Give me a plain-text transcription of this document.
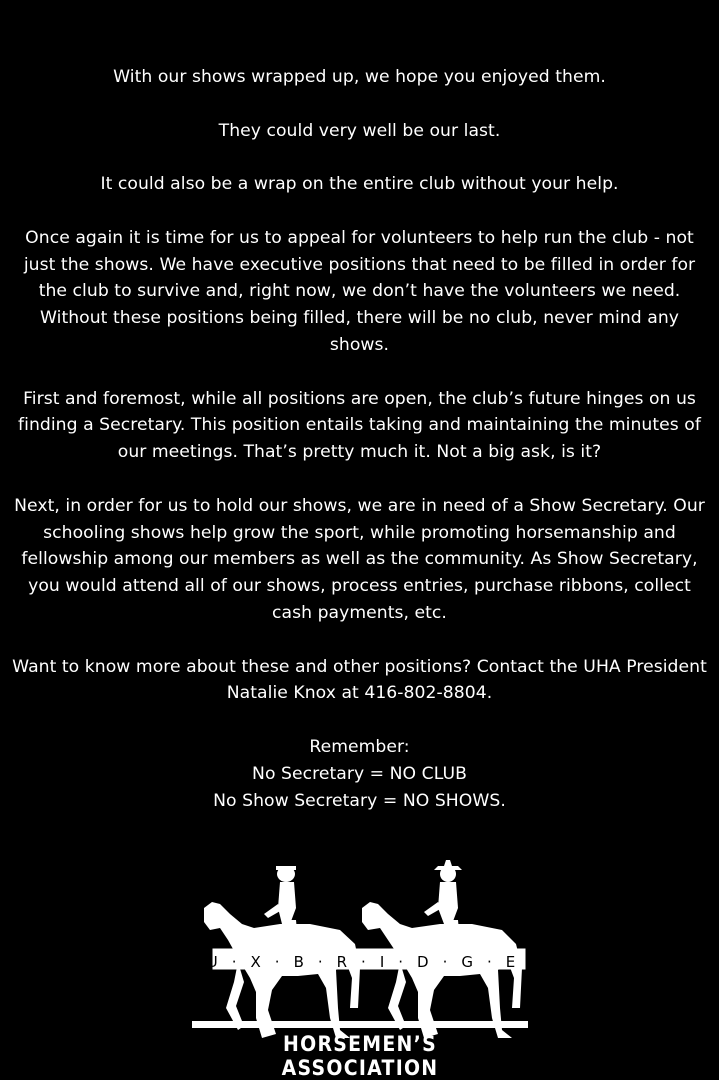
With our shows wrapped up, we hope you enjoyed them.

They could very well be our last.

It could also be a wrap on the entire club without your help.

Once again it is time for us to appeal for volunteers to help run the club - not just the shows. We have executive positions that need to be filled in order for the club to survive and, right now, we don’t have the volunteers we need. Without these positions being filled, there will be no club, never mind any shows.

First and foremost, while all positions are open, the club’s future hinges on us finding a Secretary. This position entails taking and maintaining the minutes of our meetings. That’s pretty much it. Not a big ask, is it?

Next, in order for us to hold our shows, we are in need of a Show Secretary. Our schooling shows help grow the sport, while promoting horsemanship and fellowship among our members as well as the community. As Show Secretary, you would attend all of our shows, process entries, purchase ribbons, collect cash payments, etc.

Want to know more about these and other positions? Contact the UHA President Natalie Knox at 416-802-8804.

Remember:
No Secretary = NO CLUB
No Show Secretary = NO SHOWS.
U·X·B·R·I·D·G·E
HORSEMEN’S ASSOCIATION
